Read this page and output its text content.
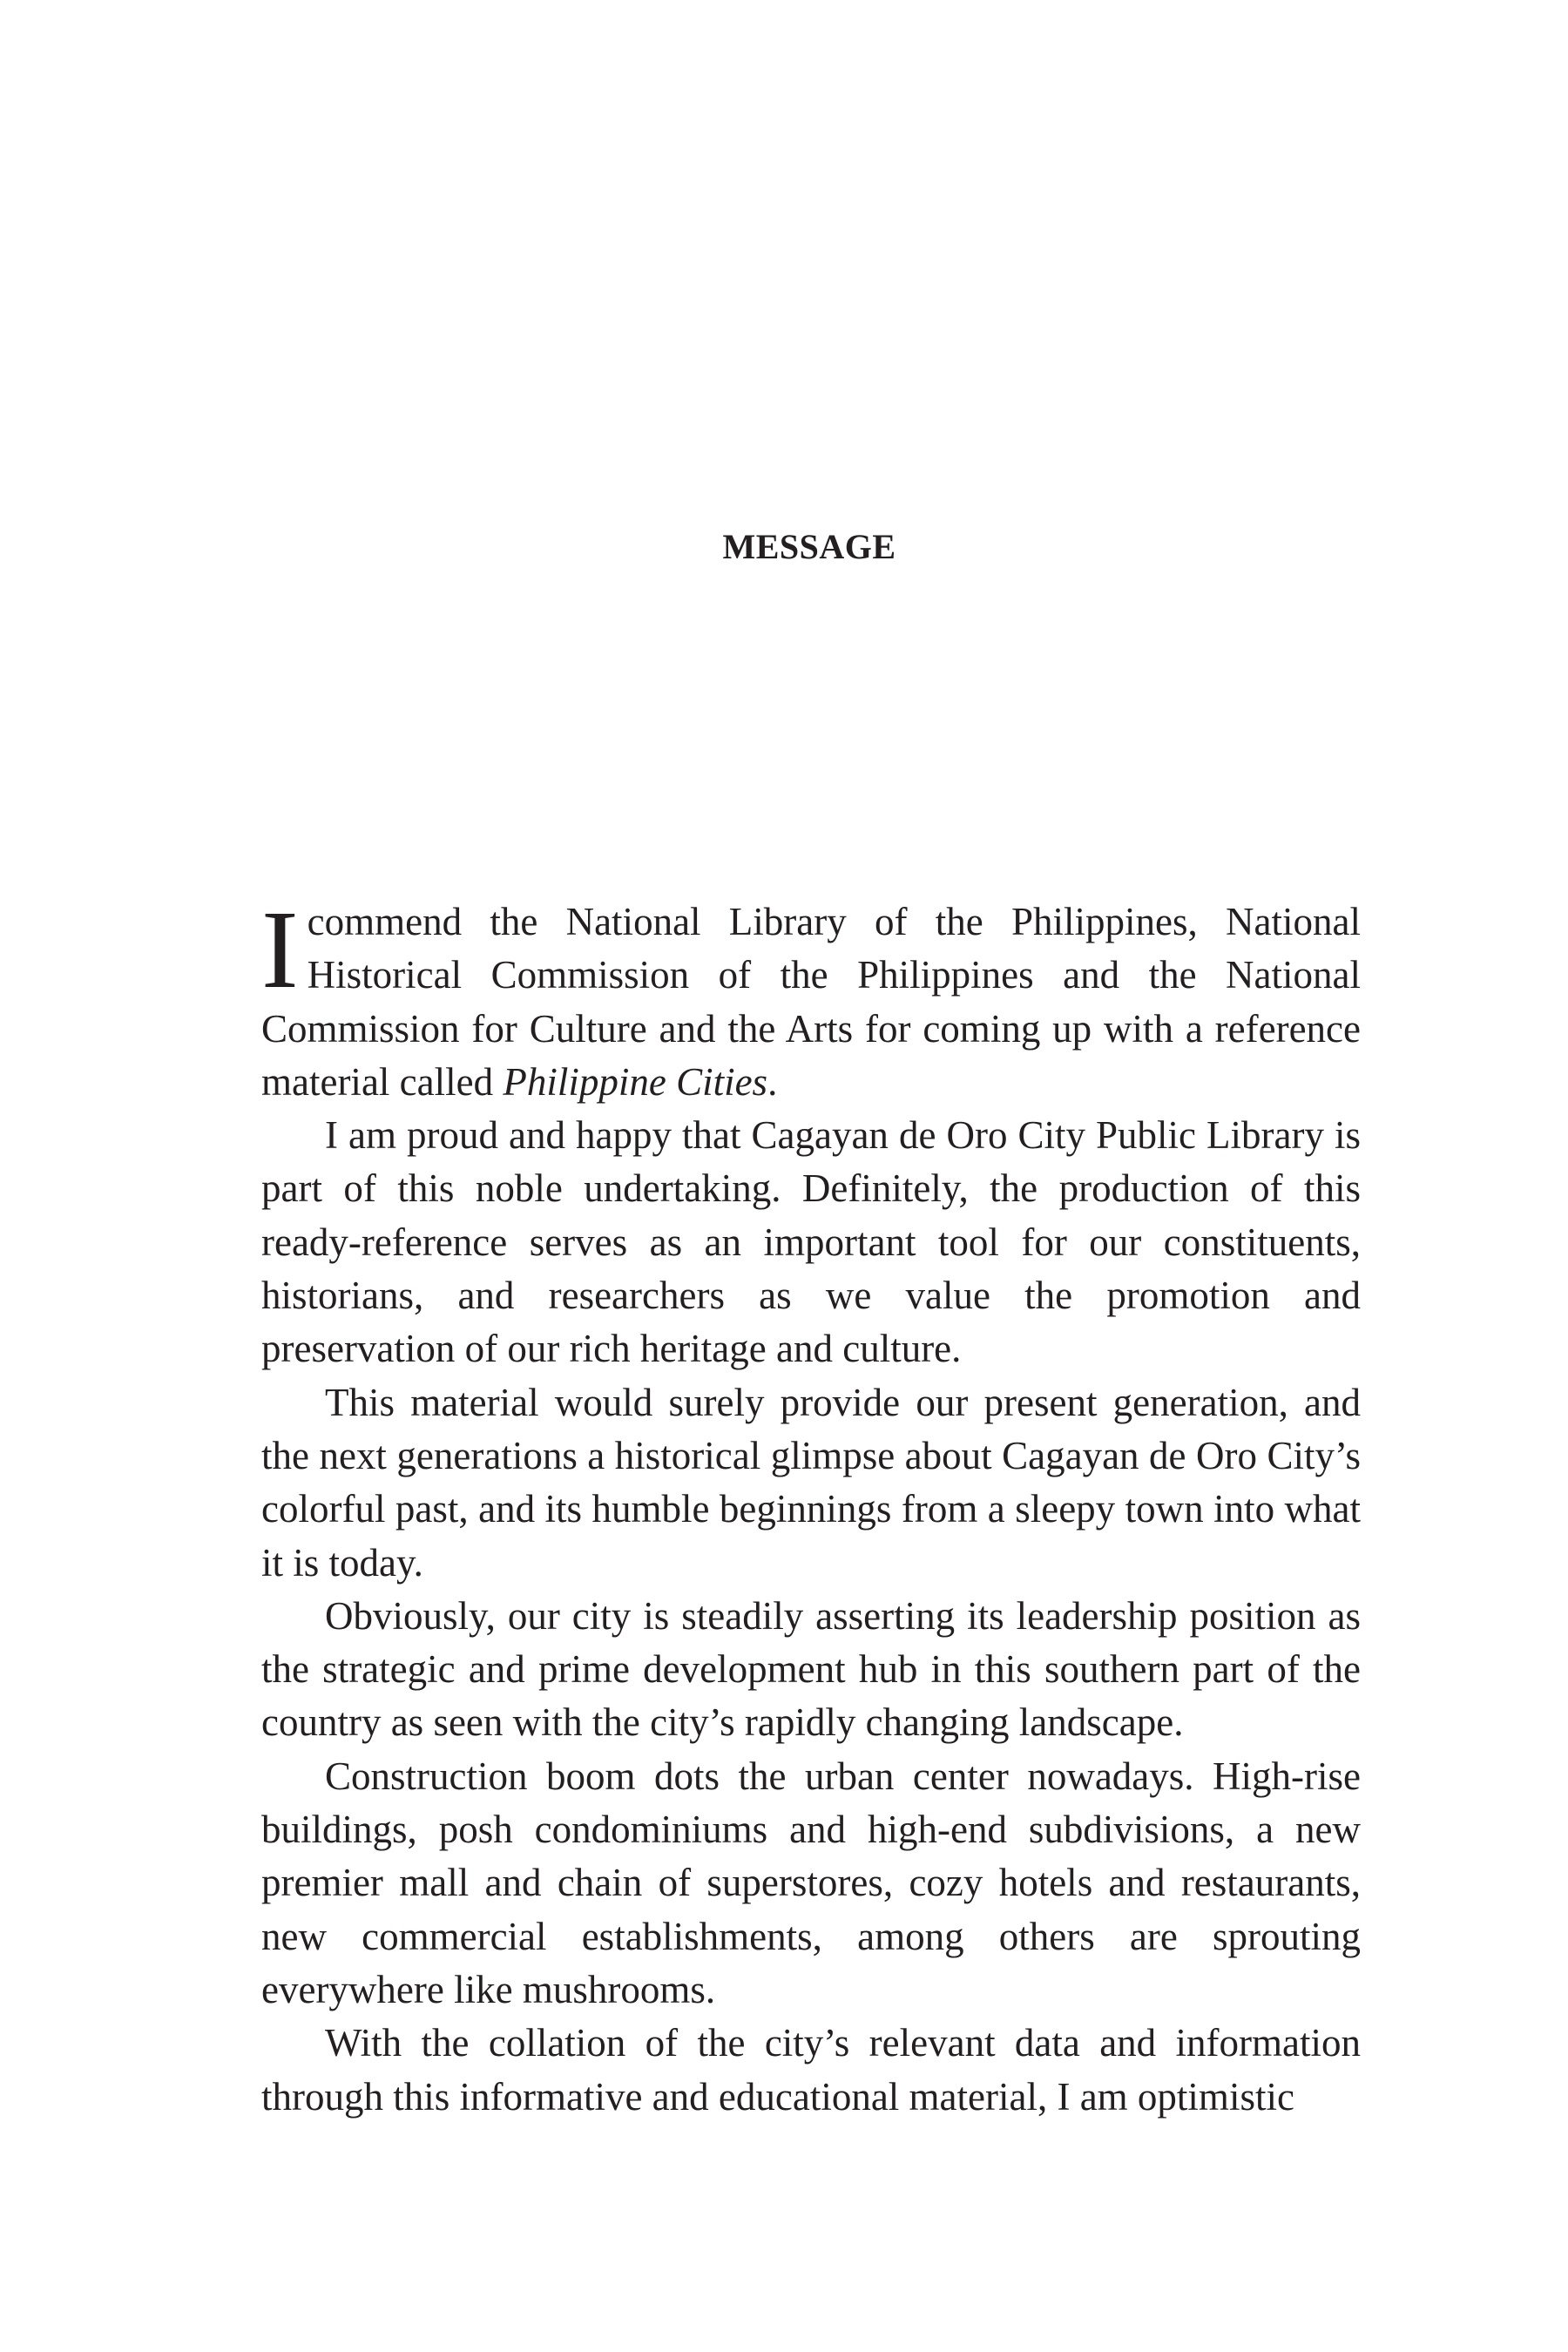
MESSAGE

Icommend the National Library of the Philippines, National Historical Commission of the Philippines and the National Commission for Culture and the Arts for coming up with a reference material called Philippine Cities.

I am proud and happy that Cagayan de Oro City Public Library is part of this noble undertaking. Definitely, the production of this ready-reference serves as an important tool for our constituents, historians, and researchers as we value the promotion and preservation of our rich heritage and culture.

This material would surely provide our present generation, and the next generations a historical glimpse about Cagayan de Oro City’s colorful past, and its humble beginnings from a sleepy town into what it is today.

Obviously, our city is steadily asserting its leadership position as the strategic and prime development hub in this southern part of the country as seen with the city’s rapidly changing landscape.

Construction boom dots the urban center nowadays. High-rise buildings, posh condominiums and high-end subdivisions, a new premier mall and chain of superstores, cozy hotels and restaurants, new commercial establishments, among others are sprouting everywhere like mushrooms.

With the collation of the city’s relevant data and information through this informative and educational material, I am optimistic
